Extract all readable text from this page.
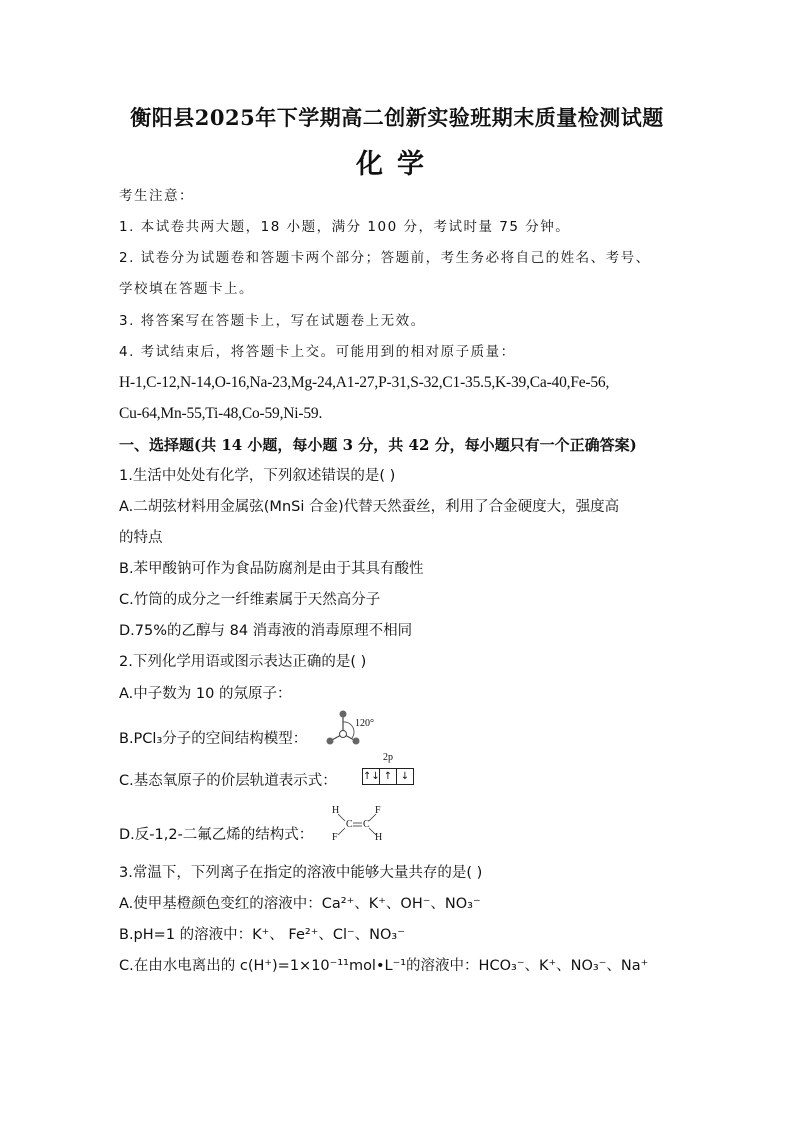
衡阳县2025年下学期高二创新实验班期末质量检测试题
化学
考生注意：
1. 本试卷共两大题，18 小题，满分 100 分，考试时量 75 分钟。
2. 试卷分为试题卷和答题卡两个部分；答题前，考生务必将自己的姓名、考号、
学校填在答题卡上。
3. 将答案写在答题卡上，写在试题卷上无效。
4. 考试结束后，将答题卡上交。可能用到的相对原子质量：
H-1,C-12,N-14,O-16,Na-23,Mg-24,A1-27,P-31,S-32,C1-35.5,K-39,Ca-40,Fe-56,
Cu-64,Mn-55,Ti-48,Co-59,Ni-59.
一、选择题(共 14 小题，每小题 3 分，共 42 分，每小题只有一个正确答案)
1.生活中处处有化学，下列叙述错误的是( )
A.二胡弦材料用金属弦(MnSi 合金)代替天然蚕丝，利用了合金硬度大，强度高
的特点
B.苯甲酸钠可作为食品防腐剂是由于其具有酸性
C.竹筒的成分之一纤维素属于天然高分子
D.75%的乙醇与 84 消毒液的消毒原理不相同
2.下列化学用语或图示表达正确的是( )
A.中子数为 10 的氖原子：
B.PCl₃分子的空间结构模型：
C.基态氧原子的价层轨道表示式：
D.反-1,2-二氟乙烯的结构式：
120°
2p
↑↓ ↑ ↓
H
F
C C
F
H
3.常温下，下列离子在指定的溶液中能够大量共存的是( )
A.使甲基橙颜色变红的溶液中：Ca²⁺、K⁺、OH⁻、NO₃⁻
B.pH=1 的溶液中：K⁺、 Fe²⁺、Cl⁻、NO₃⁻
C.在由水电离出的 c(H⁺)=1×10⁻¹¹mol•L⁻¹的溶液中：HCO₃⁻、K⁺、NO₃⁻、Na⁺
